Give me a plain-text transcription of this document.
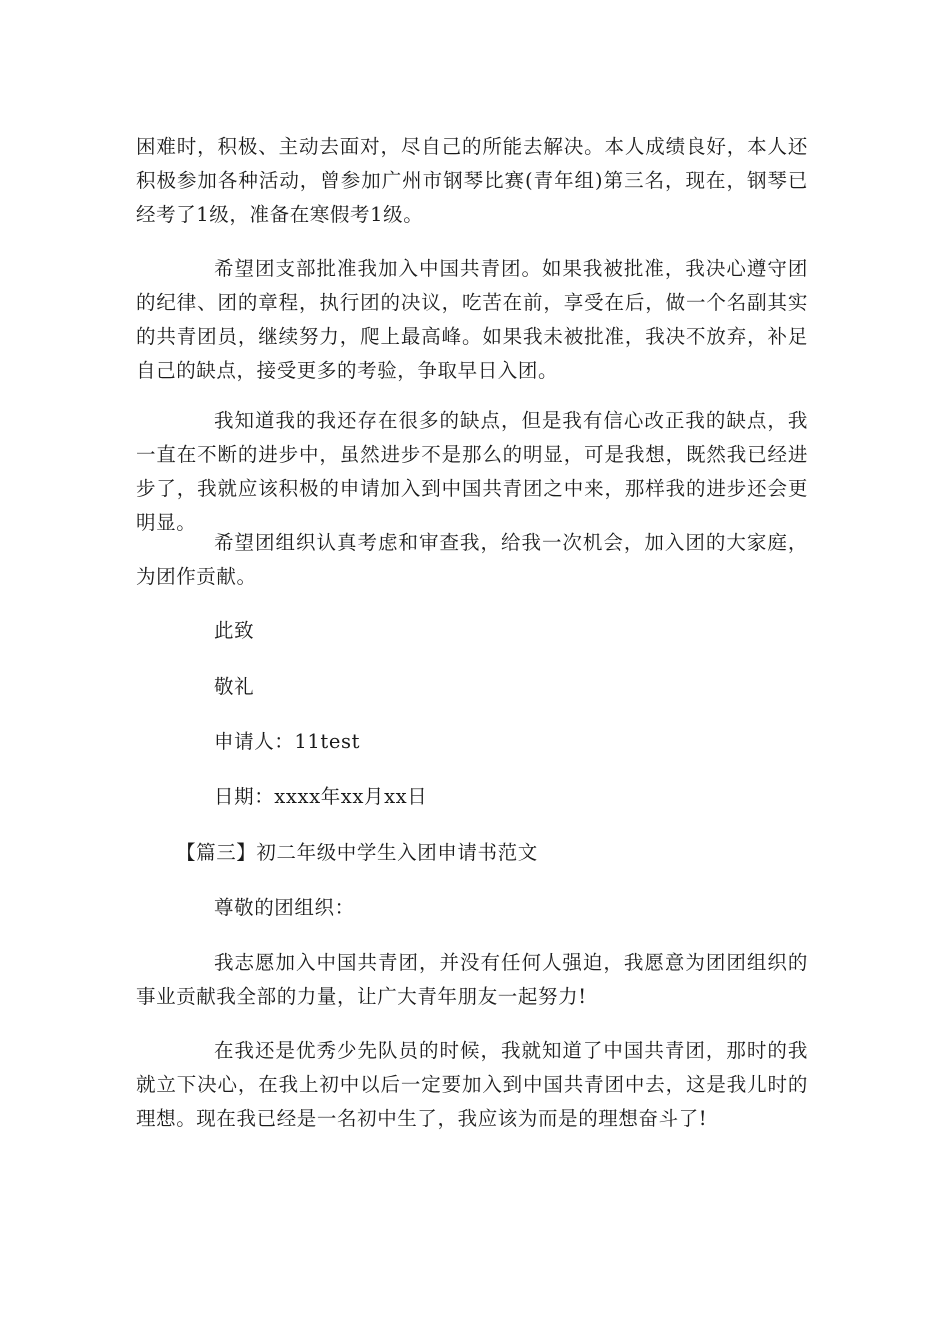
困难时，积极、主动去面对，尽自己的所能去解决。本人成绩良好，本人还积极参加各种活动，曾参加广州市钢琴比赛(青年组)第三名，现在，钢琴已经考了1级，准备在寒假考1级。

希望团支部批准我加入中国共青团。如果我被批准，我决心遵守团的纪律、团的章程，执行团的决议，吃苦在前，享受在后，做一个名副其实的共青团员，继续努力，爬上最高峰。如果我未被批准，我决不放弃，补足自己的缺点，接受更多的考验，争取早日入团。

我知道我的我还存在很多的缺点，但是我有信心改正我的缺点，我一直在不断的进步中，虽然进步不是那么的明显，可是我想，既然我已经进步了，我就应该积极的申请加入到中国共青团之中来，那样我的进步还会更明显。

希望团组织认真考虑和审查我，给我一次机会，加入团的大家庭，为团作贡献。

此致

敬礼

申请人：11test

日期：xxxx年xx月xx日

【篇三】初二年级中学生入团申请书范文

尊敬的团组织：

我志愿加入中国共青团，并没有任何人强迫，我愿意为团团组织的事业贡献我全部的力量，让广大青年朋友一起努力!

在我还是优秀少先队员的时候，我就知道了中国共青团，那时的我就立下决心，在我上初中以后一定要加入到中国共青团中去，这是我儿时的理想。现在我已经是一名初中生了，我应该为而是的理想奋斗了!
